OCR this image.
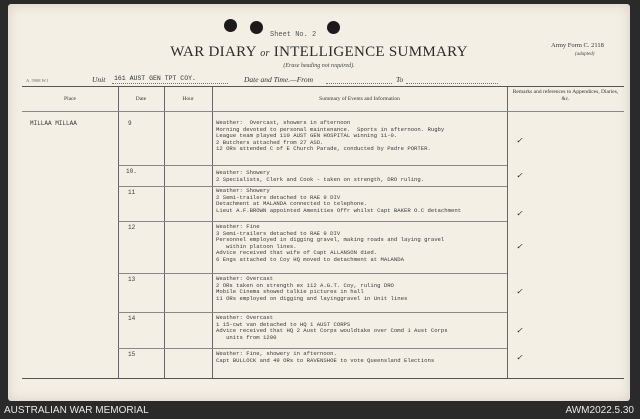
Sheet No. 2
WAR DIARY or INTELLIGENCE SUMMARY
(Erase heading not required).
Army Form C. 2118
(adapted)
A. 5908 W.1	Unit 161 AUST GEN TPT COY.	Date and Time.—From	To
Place	Date	Hour	Summary of Events and Information
Remarks and references to Appendices, Diaries, &c.
MILLAA MILLAA	9	Weather:  Overcast, showers in afternoon
Morning devoted to personal maintenance.  Sports in afternoon. Rugby
League team played 110 AUST GEN HOSPITAL winning 11-0.
2 Butchers attached from 27 ASD.
12 ORs attended C of E Church Parade, conducted by Padre PORTER.
✓
10.	Weather: Showery
2 Specialists, Clerk and Cook - taken on strength, DRO ruling.	✓
11	Weather: Showery
2 Semi-trailers detached to RAE 9 DIV
Detachment at MALANDA connected to telephone.
Lieut A.F.BROWN appointed Amenities Offr whilst Capt BAKER O.C detachment	✓
12	Weather: Fine
3 Semi-trailers detached to RAE 9 DIV
Personnel employed in digging gravel, making roads and laying gravel
within platoon lines.
Advice received that wife of Capt ALLANSON died.
6 Engs attached to Coy HQ moved to detachment at MALANDA
✓
13	Weather: Overcast
2 ORs taken on strength ex 112 A.G.T. Coy, ruling DRO
Mobile Cinema showed talkie pictures in hall
11 ORs employed on digging and layinggravel in Unit lines
✓
14	Weather: Overcast
1 15-cwt van detached to HQ 1 AUST CORPS
Advice received that HQ 2 Aust Corps wouldtake over Comd 1 Aust Corps
units from 1200
✓
15	Weather: Fine, showery in afternoon.
Capt BULLOCK and 49 ORs to RAVENSHOE to vote Queensland Elections	✓
AUSTRALIAN WAR MEMORIAL	AWM2022.5.30
